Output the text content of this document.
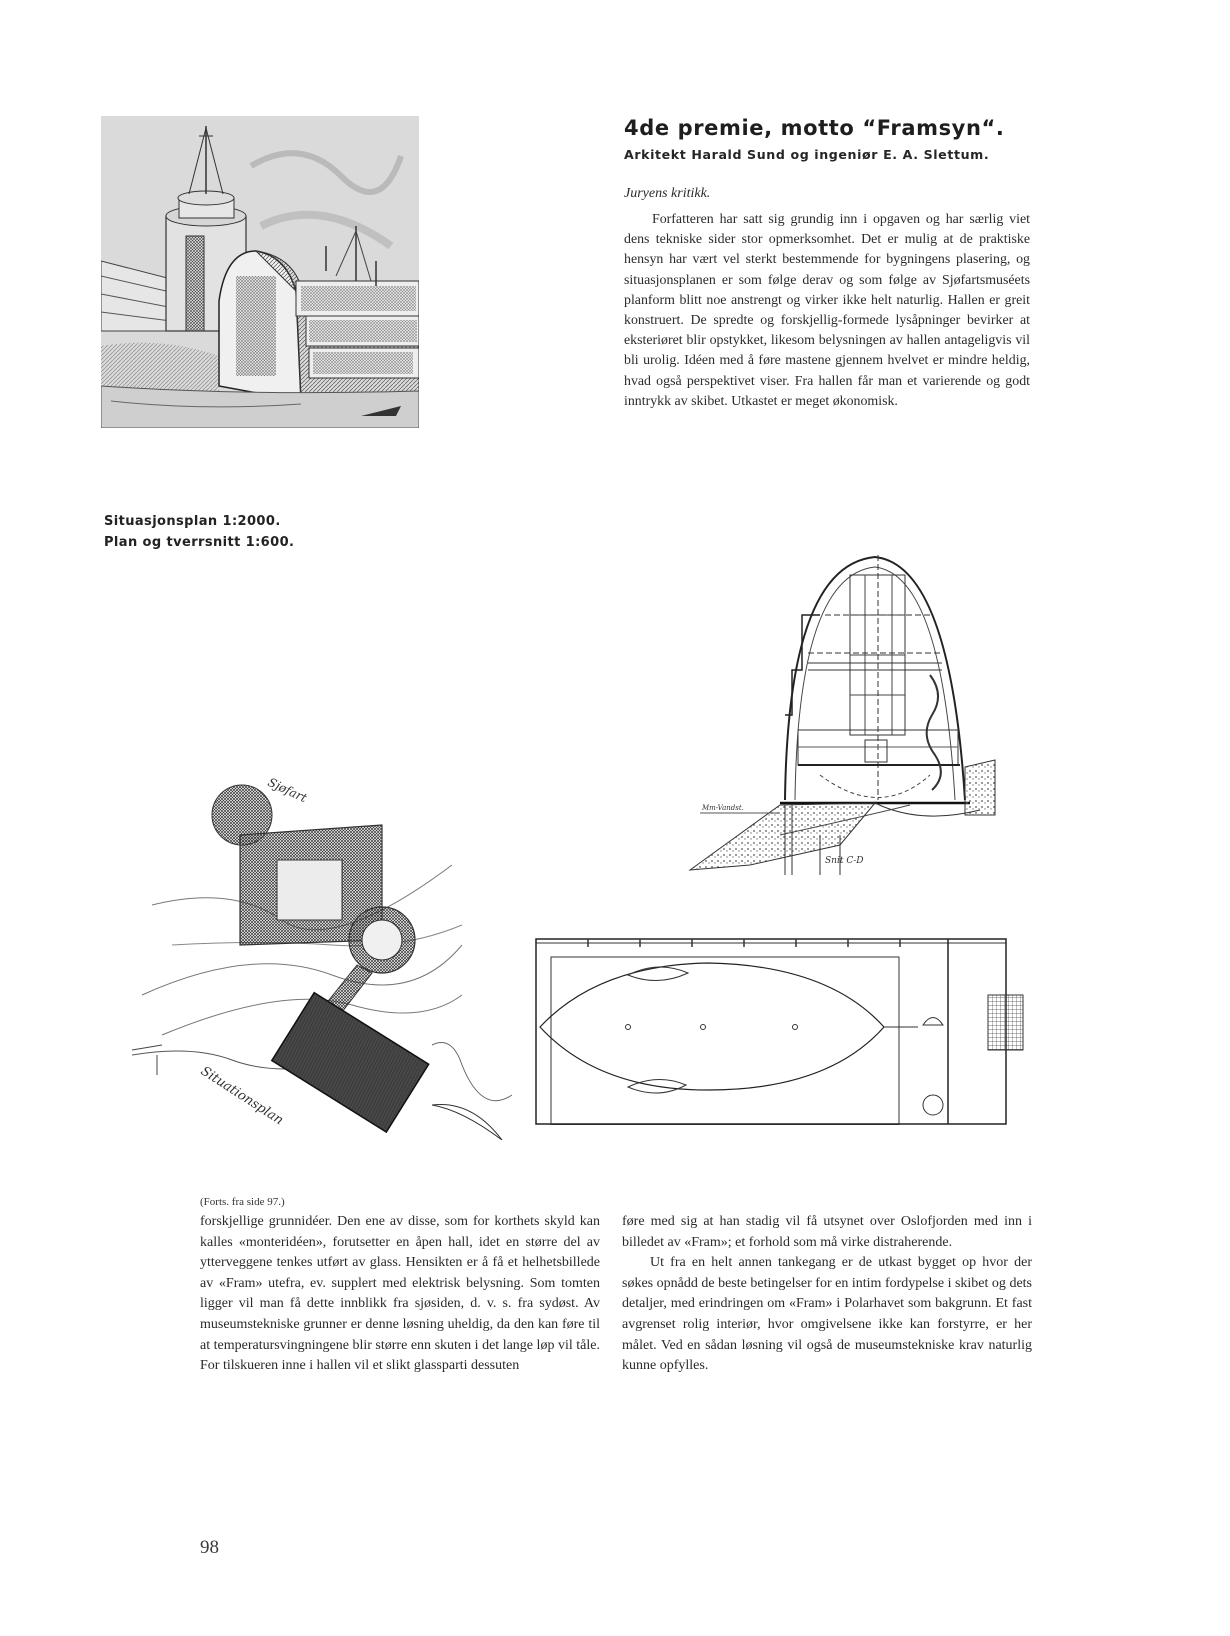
4de premie, motto “Framsyn“.
Arkitekt Harald Sund og ingeniør E. A. Slettum.
Juryens kritikk.
Forfatteren har satt sig grundig inn i opgaven og har særlig viet dens tekniske sider stor opmerksomhet. Det er mulig at de praktiske hensyn har vært vel sterkt bestemmende for bygningens plasering, og situasjonsplanen er som følge derav og som følge av Sjøfartsmuséets planform blitt noe anstrengt og virker ikke helt naturlig. Hallen er greit konstruert. De spredte og forskjellig-formede lysåpninger bevirker at eksteriøret blir opstykket, likesom belysningen av hallen antageligvis vil bli urolig. Idéen med å føre mastene gjennem hvelvet er mindre heldig, hvad også perspektivet viser. Fra hallen får man et varierende og godt inntrykk av skibet. Utkastet er meget økonomisk.
Situasjonsplan 1:2000.
Plan og tverrsnitt 1:600.
Mm-Vandst.
Snit C-D
Sjøfart
Situationsplan
(Forts. fra side 97.)

forskjellige grunnidéer. Den ene av disse, som for korthets skyld kan kalles «monteridéen», forutsetter en åpen hall, idet en større del av ytterveggene tenkes utført av glass. Hensikten er å få et helhetsbillede av «Fram» utefra, ev. supplert med elektrisk belysning. Som tomten ligger vil man få dette innblikk fra sjøsiden, d. v. s. fra sydøst. Av museumstekniske grunner er denne løsning uheldig, da den kan føre til at temperatursvingningene blir større enn skuten i det lange løp vil tåle. For tilskueren inne i hallen vil et slikt glassparti dessuten

føre med sig at han stadig vil få utsynet over Oslofjorden med inn i billedet av «Fram»; et forhold som må virke distraherende.

Ut fra en helt annen tankegang er de utkast bygget op hvor der søkes opnådd de beste betingelser for en intim fordypelse i skibet og dets detaljer, med erindringen om «Fram» i Polarhavet som bakgrunn. Et fast avgrenset rolig interiør, hvor omgivelsene ikke kan forstyrre, er her målet. Ved en sådan løsning vil også de museumstekniske krav naturlig kunne opfylles.

98
